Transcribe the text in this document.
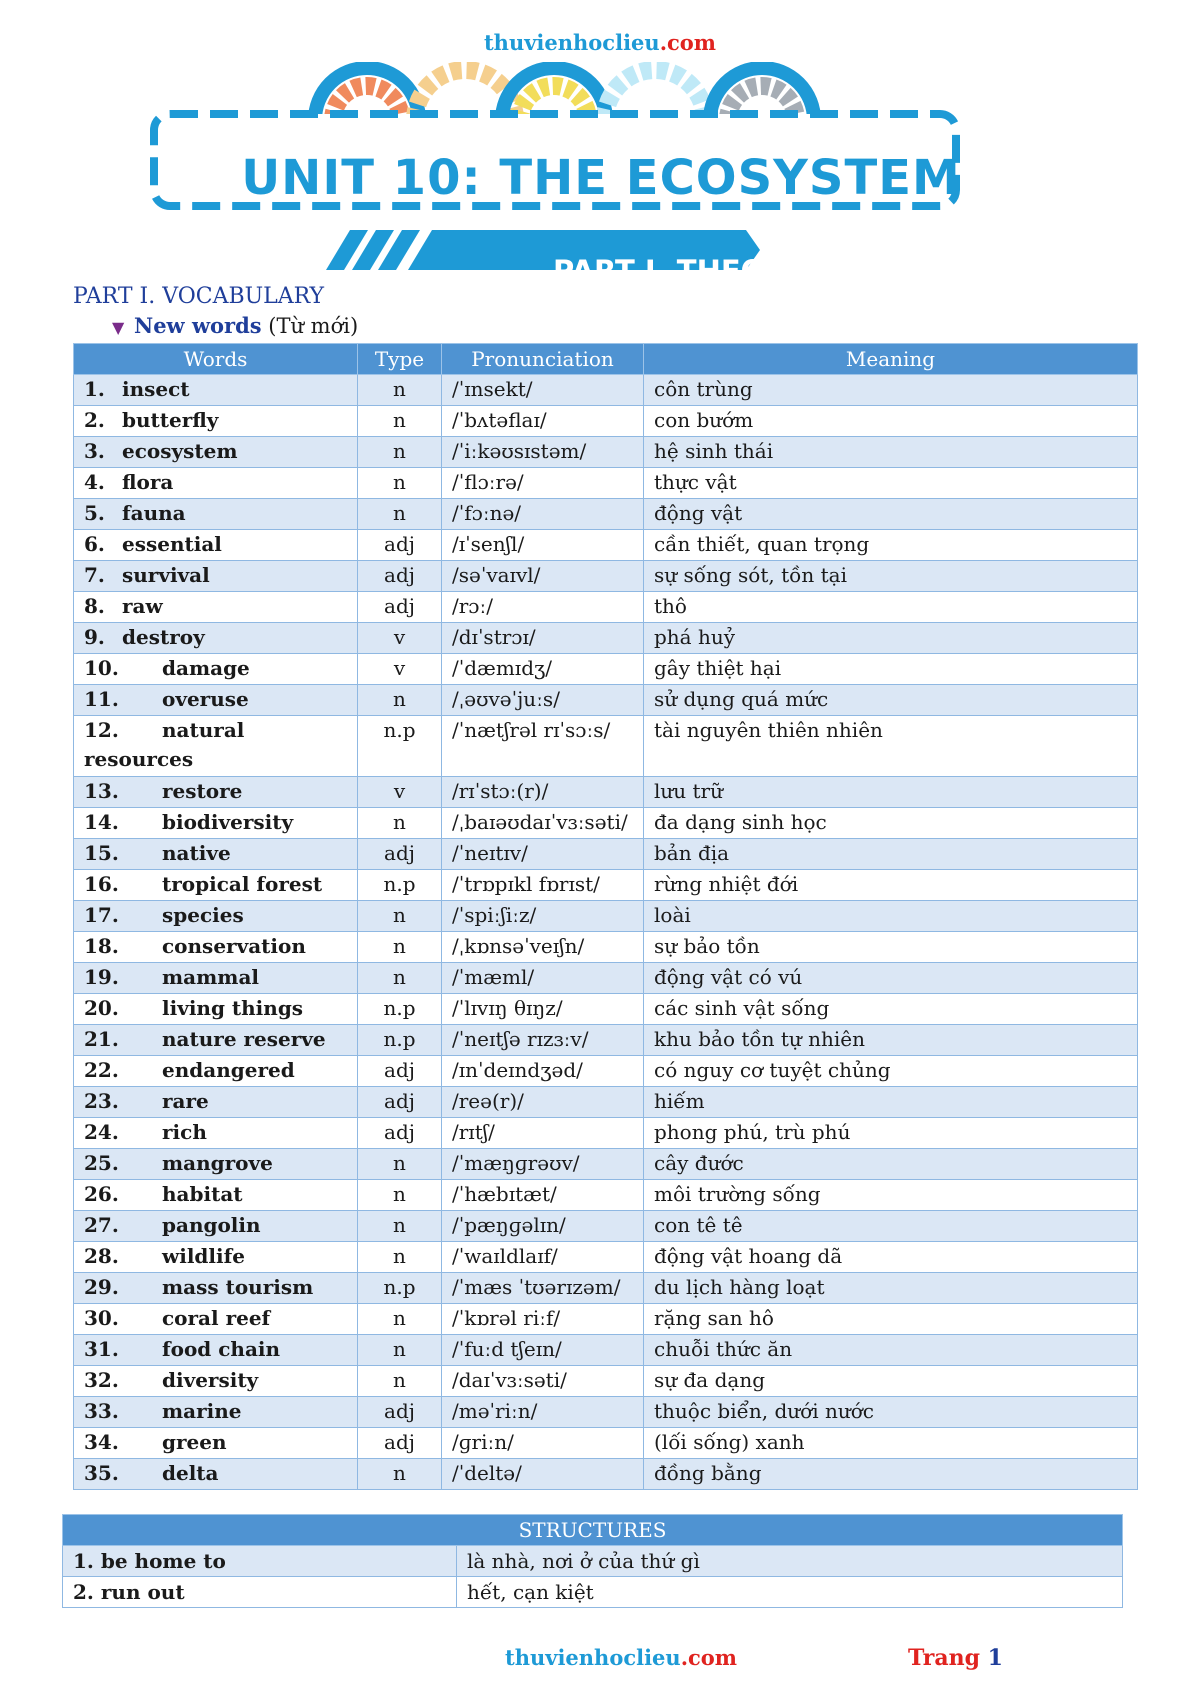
thuvienhoclieu.com
UNIT 10: THE ECOSYSTEM
PART I. THEORY
PART I. VOCABULARY
▼ New words (Từ mới)
Words	Type	Pronunciation	Meaning
1. insect	n	/ˈɪnsekt/	côn trùng
2. butterfly	n	/ˈbʌtəflaɪ/	con bướm
3. ecosystem	n	/ˈiːkəʊsɪstəm/	hệ sinh thái
4. flora	n	/ˈflɔːrə/	thực vật
5. fauna	n	/ˈfɔːnə/	động vật
6. essential	adj	/ɪˈsenʃl/	cần thiết, quan trọng
7. survival	adj	/səˈvaɪvl/	sự sống sót, tồn tại
8. raw	adj	/rɔː/	thô
9. destroy	v	/dɪˈstrɔɪ/	phá huỷ
10. damage	v	/ˈdæmɪdʒ/	gây thiệt hại
11. overuse	n	/ˌəʊvəˈjuːs/	sử dụng quá mức
12. natural resources	n.p	/ˈnætʃrəl rɪˈsɔːs/	tài nguyên thiên nhiên
13. restore	v	/rɪˈstɔː(r)/	lưu trữ
14. biodiversity	n	/ˌbaɪəʊdaɪˈvɜːsəti/	đa dạng sinh học
15. native	adj	/ˈneɪtɪv/	bản địa
16. tropical forest	n.p	/ˈtrɒpɪkl fɒrɪst/	rừng nhiệt đới
17. species	n	/ˈspiːʃiːz/	loài
18. conservation	n	/ˌkɒnsəˈveɪʃn/	sự bảo tồn
19. mammal	n	/ˈmæml/	động vật có vú
20. living things	n.p	/ˈlɪvɪŋ θɪŋz/	các sinh vật sống
21. nature reserve	n.p	/ˈneɪtʃə rɪzɜːv/	khu bảo tồn tự nhiên
22. endangered	adj	/ɪnˈdeɪndʒəd/	có nguy cơ tuyệt chủng
23. rare	adj	/reə(r)/	hiếm
24. rich	adj	/rɪtʃ/	phong phú, trù phú
25. mangrove	n	/ˈmæŋɡrəʊv/	cây đước
26. habitat	n	/ˈhæbɪtæt/	môi trường sống
27. pangolin	n	/ˈpæŋɡəlɪn/	con tê tê
28. wildlife	n	/ˈwaɪldlaɪf/	động vật hoang dã
29. mass tourism	n.p	/ˈmæs ˈtʊərɪzəm/	du lịch hàng loạt
30. coral reef	n	/ˈkɒrəl riːf/	rặng san hô
31. food chain	n	/ˈfuːd tʃeɪn/	chuỗi thức ăn
32. diversity	n	/daɪˈvɜːsəti/	sự đa dạng
33. marine	adj	/məˈriːn/	thuộc biển, dưới nước
34. green	adj	/ɡriːn/	(lối sống) xanh
35. delta	n	/ˈdeltə/	đồng bằng
STRUCTURES	
1. be home to	là nhà, nơi ở của thứ gì
2. run out	hết, cạn kiệt
thuvienhoclieu.com	Trang 1
